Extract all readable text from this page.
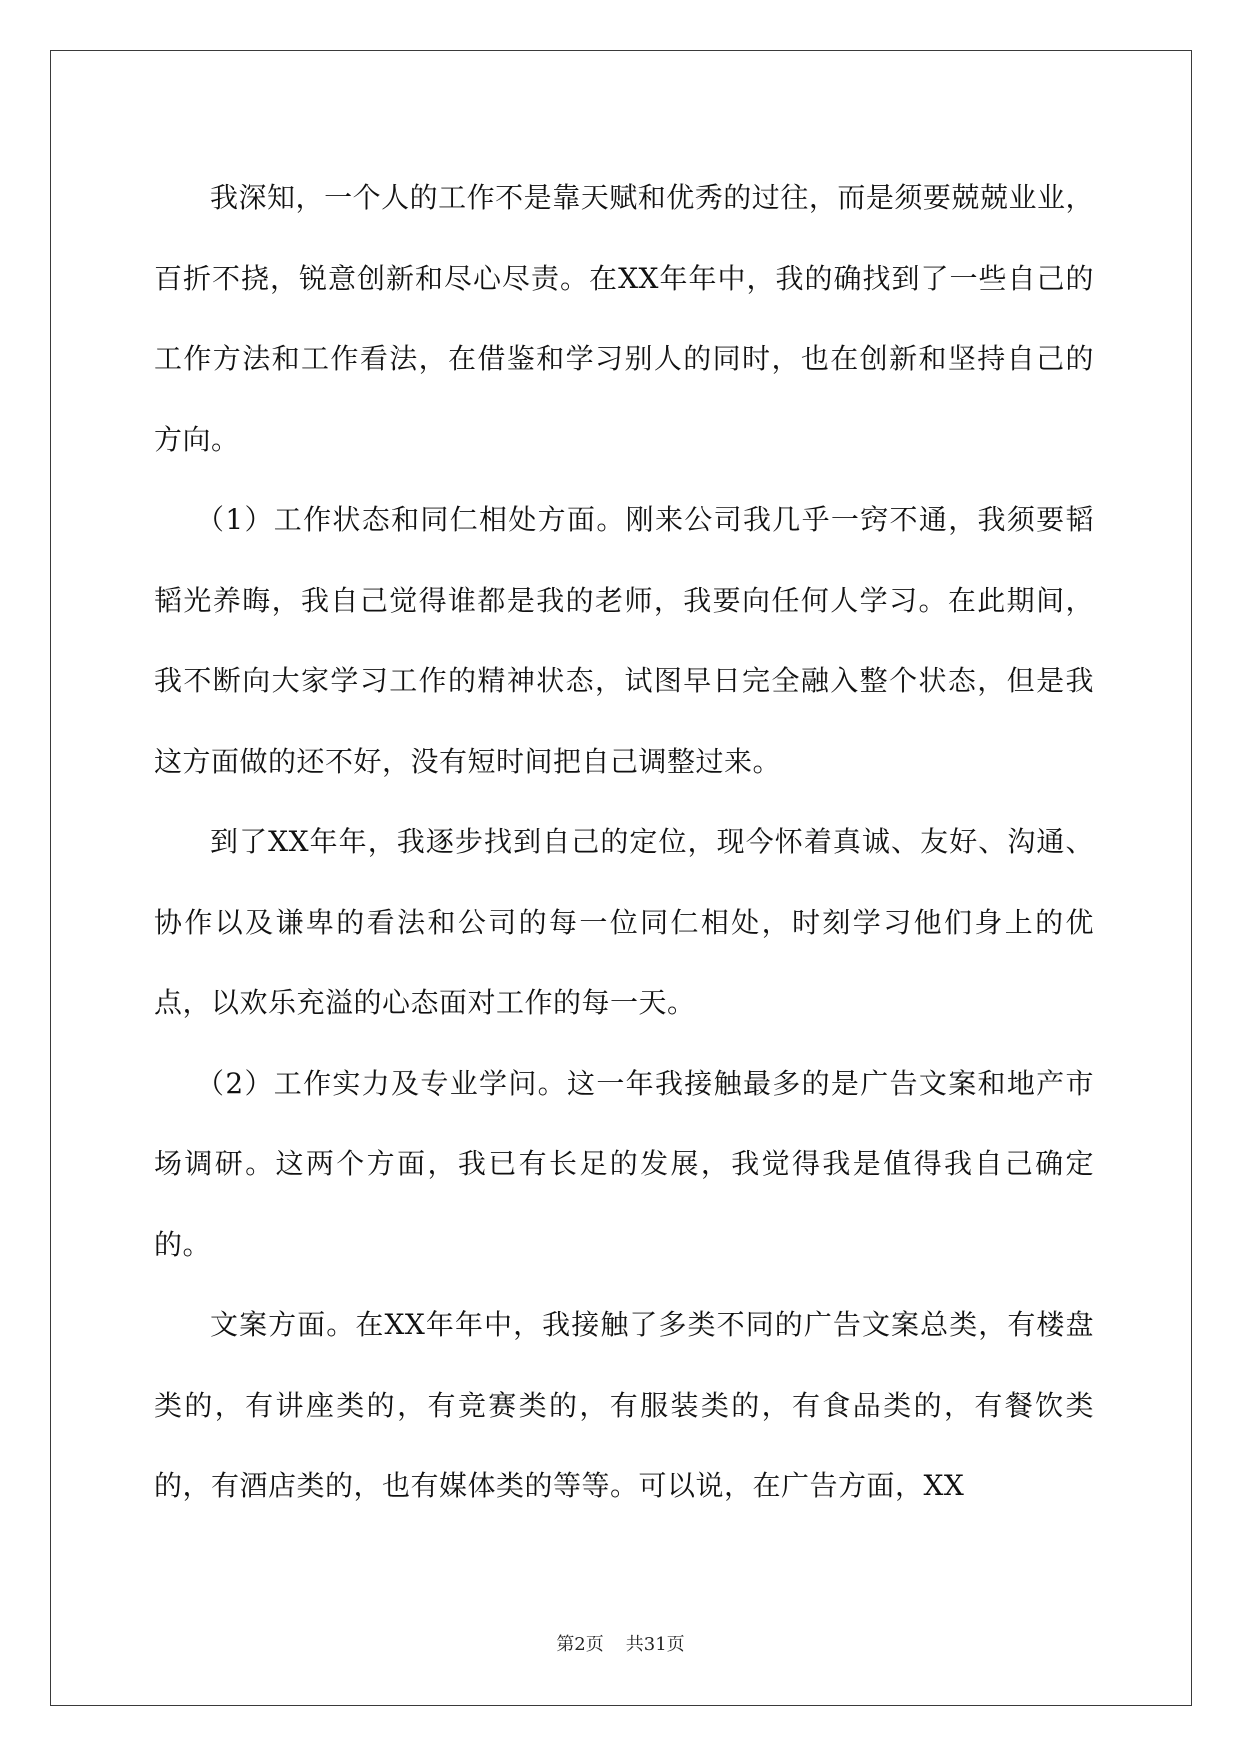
我深知，一个人的工作不是靠天赋和优秀的过往，而是须要兢兢业业，百折不挠，锐意创新和尽心尽责。在XX年年中，我的确找到了一些自己的工作方法和工作看法，在借鉴和学习别人的同时，也在创新和坚持自己的方向。

（1）工作状态和同仁相处方面。刚来公司我几乎一窍不通，我须要韬韬光养晦，我自己觉得谁都是我的老师，我要向任何人学习。在此期间，我不断向大家学习工作的精神状态，试图早日完全融入整个状态，但是我这方面做的还不好，没有短时间把自己调整过来。

到了XX年年，我逐步找到自己的定位，现今怀着真诚、友好、沟通、协作以及谦卑的看法和公司的每一位同仁相处，时刻学习他们身上的优点，以欢乐充溢的心态面对工作的每一天。

（2）工作实力及专业学问。这一年我接触最多的是广告文案和地产市场调研。这两个方面，我已有长足的发展，我觉得我是值得我自己确定的。

文案方面。在XX年年中，我接触了多类不同的广告文案总类，有楼盘类的，有讲座类的，有竞赛类的，有服装类的，有食品类的，有餐饮类的，有酒店类的，也有媒体类的等等。可以说，在广告方面，XX

第2页 共31页
